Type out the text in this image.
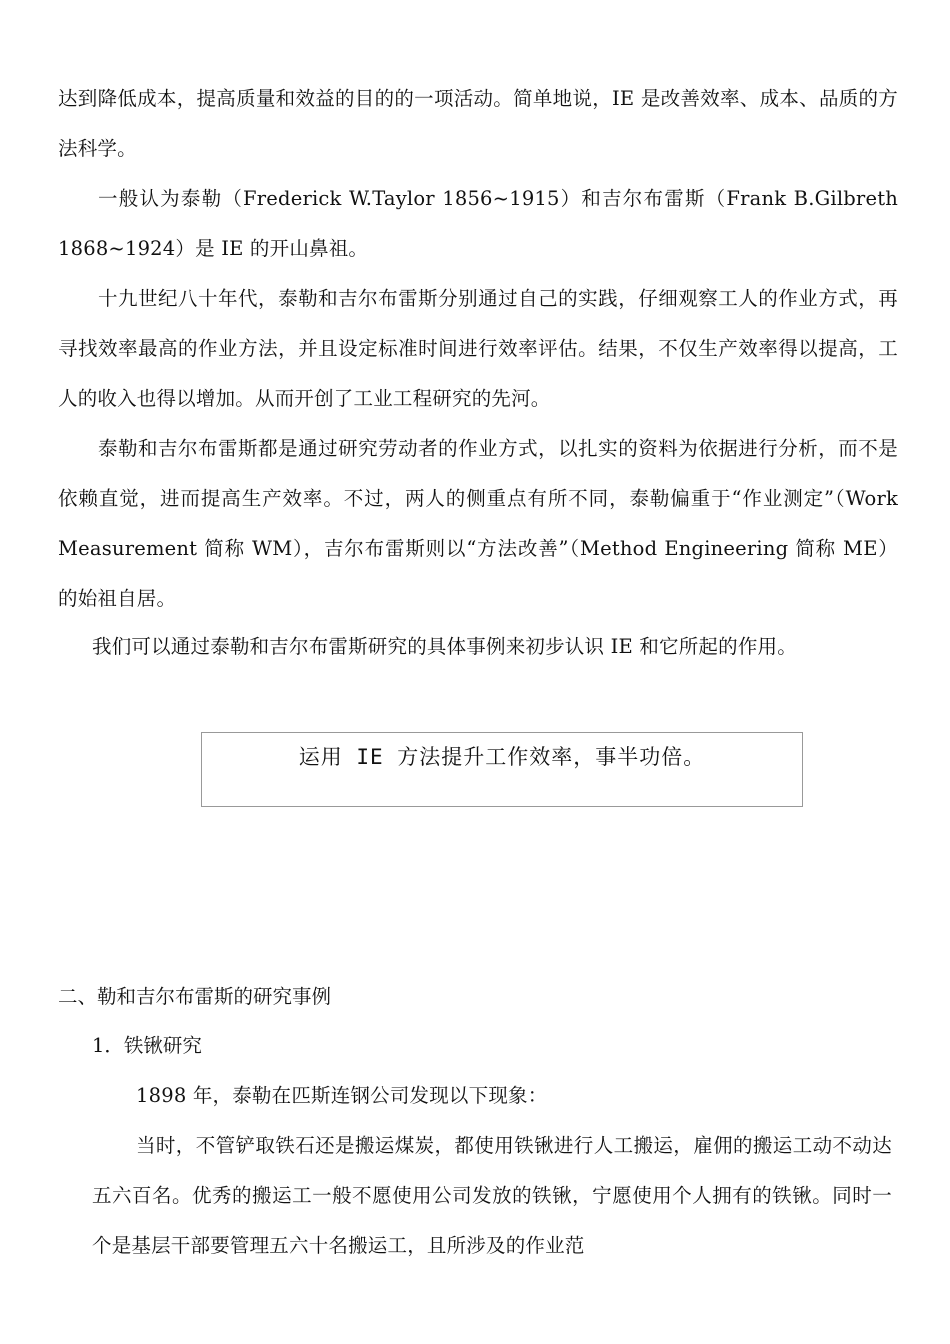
达到降低成本，提高质量和效益的目的的一项活动。简单地说，IE 是改善效率、成本、品质的方法科学。

一般认为泰勒（Frederick W.Taylor 1856~1915）和吉尔布雷斯（Frank B.Gilbreth 1868~1924）是 IE 的开山鼻祖。

十九世纪八十年代，泰勒和吉尔布雷斯分别通过自己的实践，仔细观察工人的作业方式，再寻找效率最高的作业方法，并且设定标准时间进行效率评估。结果，不仅生产效率得以提高，工人的收入也得以增加。从而开创了工业工程研究的先河。

泰勒和吉尔布雷斯都是通过研究劳动者的作业方式，以扎实的资料为依据进行分析，而不是依赖直觉，进而提高生产效率。不过，两人的侧重点有所不同，泰勒偏重于“作业测定”（Work Measurement 简称 WM），吉尔布雷斯则以“方法改善”（Method Engineering 简称 ME）的始祖自居。

我们可以通过泰勒和吉尔布雷斯研究的具体事例来初步认识 IE 和它所起的作用。

运用 IE 方法提升工作效率，事半功倍。

二、勒和吉尔布雷斯的研究事例

1．铁锹研究

1898 年，泰勒在匹斯连钢公司发现以下现象：

当时，不管铲取铁石还是搬运煤炭，都使用铁锹进行人工搬运，雇佣的搬运工动不动达五六百名。优秀的搬运工一般不愿使用公司发放的铁锹，宁愿使用个人拥有的铁锹。同时一个是基层干部要管理五六十名搬运工，且所涉及的作业范
